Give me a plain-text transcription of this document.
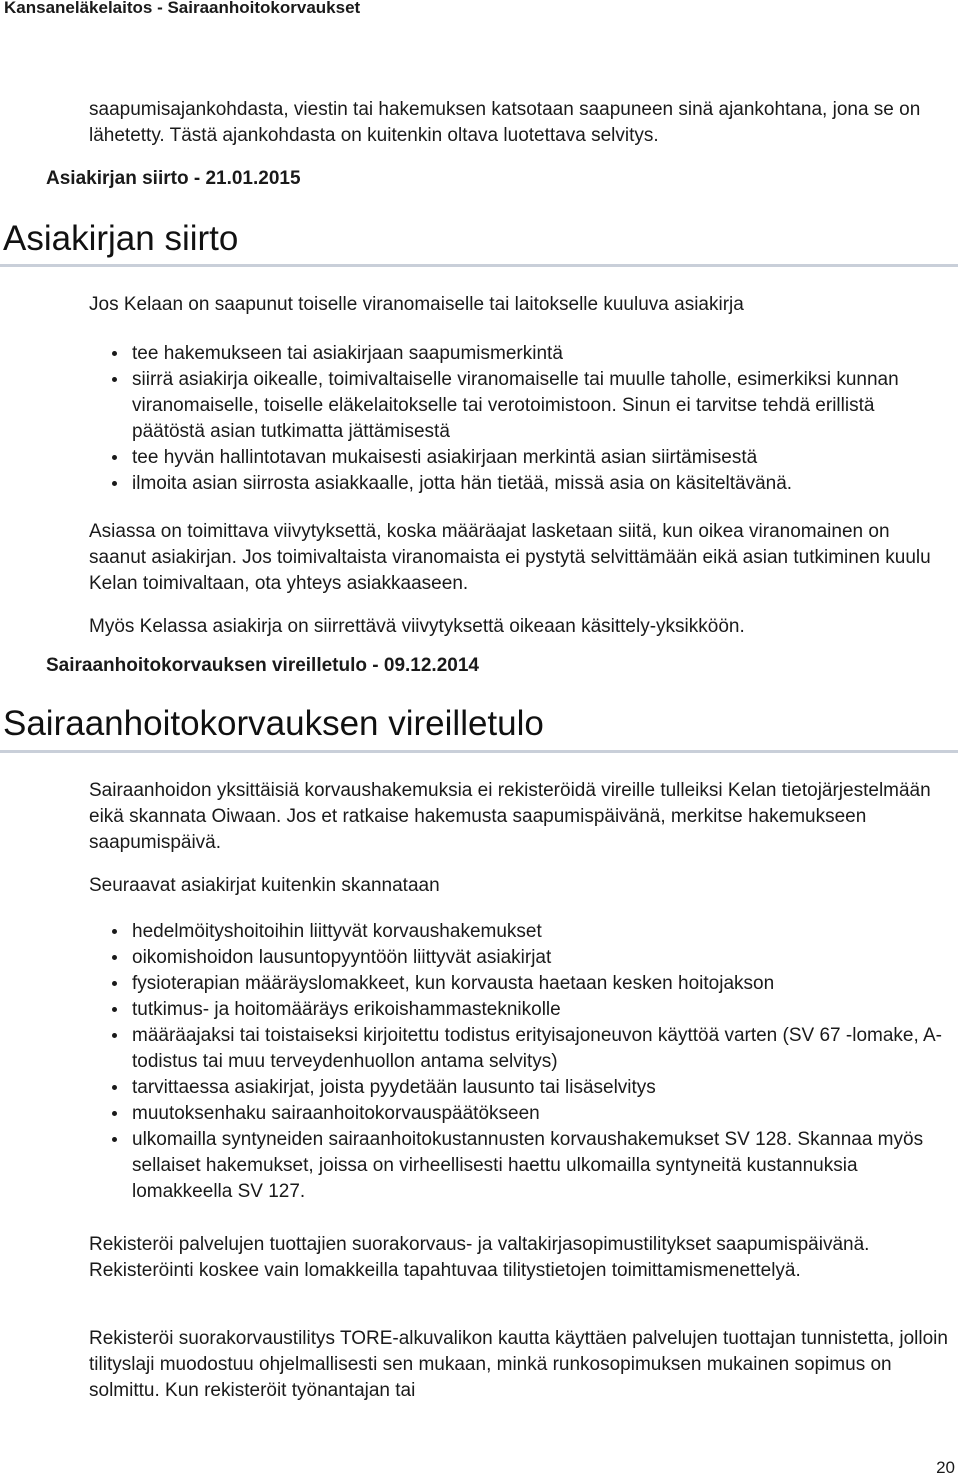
Kansaneläkelaitos - Sairaanhoitokorvaukset

saapumisajankohdasta, viestin tai hakemuksen katsotaan saapuneen sinä ajankohtana, jona se on lähetetty. Tästä ajankohdasta on kuitenkin oltava luotettava selvitys.

Asiakirjan siirto - 21.01.2015

Asiakirjan siirto

Jos Kelaan on saapunut toiselle viranomaiselle tai laitokselle kuuluva asiakirja

tee hakemukseen tai asiakirjaan saapumismerkintä
siirrä asiakirja oikealle, toimivaltaiselle viranomaiselle tai muulle taholle, esimerkiksi kunnan viranomaiselle, toiselle eläkelaitokselle tai verotoimistoon. Sinun ei tarvitse tehdä erillistä päätöstä asian tutkimatta jättämisestä
tee hyvän hallintotavan mukaisesti asiakirjaan merkintä asian siirtämisestä
ilmoita asian siirrosta asiakkaalle, jotta hän tietää, missä asia on käsiteltävänä.

Asiassa on toimittava viivytyksettä, koska määräajat lasketaan siitä, kun oikea viranomainen on saanut asiakirjan. Jos toimivaltaista viranomaista ei pystytä selvittämään eikä asian tutkiminen kuulu Kelan toimivaltaan, ota yhteys asiakkaaseen.

Myös Kelassa asiakirja on siirrettävä viivytyksettä oikeaan käsittely-yksikköön.

Sairaanhoitokorvauksen vireilletulo - 09.12.2014

Sairaanhoitokorvauksen vireilletulo

Sairaanhoidon yksittäisiä korvaushakemuksia ei rekisteröidä vireille tulleiksi Kelan tietojärjestelmään eikä skannata Oiwaan. Jos et ratkaise hakemusta saapumispäivänä, merkitse hakemukseen saapumispäivä.

Seuraavat asiakirjat kuitenkin skannataan

hedelmöityshoitoihin liittyvät korvaushakemukset
oikomishoidon lausuntopyyntöön liittyvät asiakirjat
fysioterapian määräyslomakkeet, kun korvausta haetaan kesken hoitojakson
tutkimus- ja hoitomääräys erikoishammasteknikolle
määräajaksi tai toistaiseksi kirjoitettu todistus erityisajoneuvon käyttöä varten (SV 67 -lomake, A-todistus tai muu terveydenhuollon antama selvitys)
tarvittaessa asiakirjat, joista pyydetään lausunto tai lisäselvitys
muutoksenhaku sairaanhoitokorvauspäätökseen
ulkomailla syntyneiden sairaanhoitokustannusten korvaushakemukset SV 128. Skannaa myös sellaiset hakemukset, joissa on virheellisesti haettu ulkomailla syntyneitä kustannuksia lomakkeella SV 127.

Rekisteröi palvelujen tuottajien suorakorvaus- ja valtakirjasopimustilitykset saapumispäivänä. Rekisteröinti koskee vain lomakkeilla tapahtuvaa tilitystietojen toimittamismenettelyä.

Rekisteröi suorakorvaustilitys TORE-alkuvalikon kautta käyttäen palvelujen tuottajan tunnistetta, jolloin tilityslaji muodostuu ohjelmallisesti sen mukaan, minkä runkosopimuksen mukainen sopimus on solmittu. Kun rekisteröit työnantajan tai

20
